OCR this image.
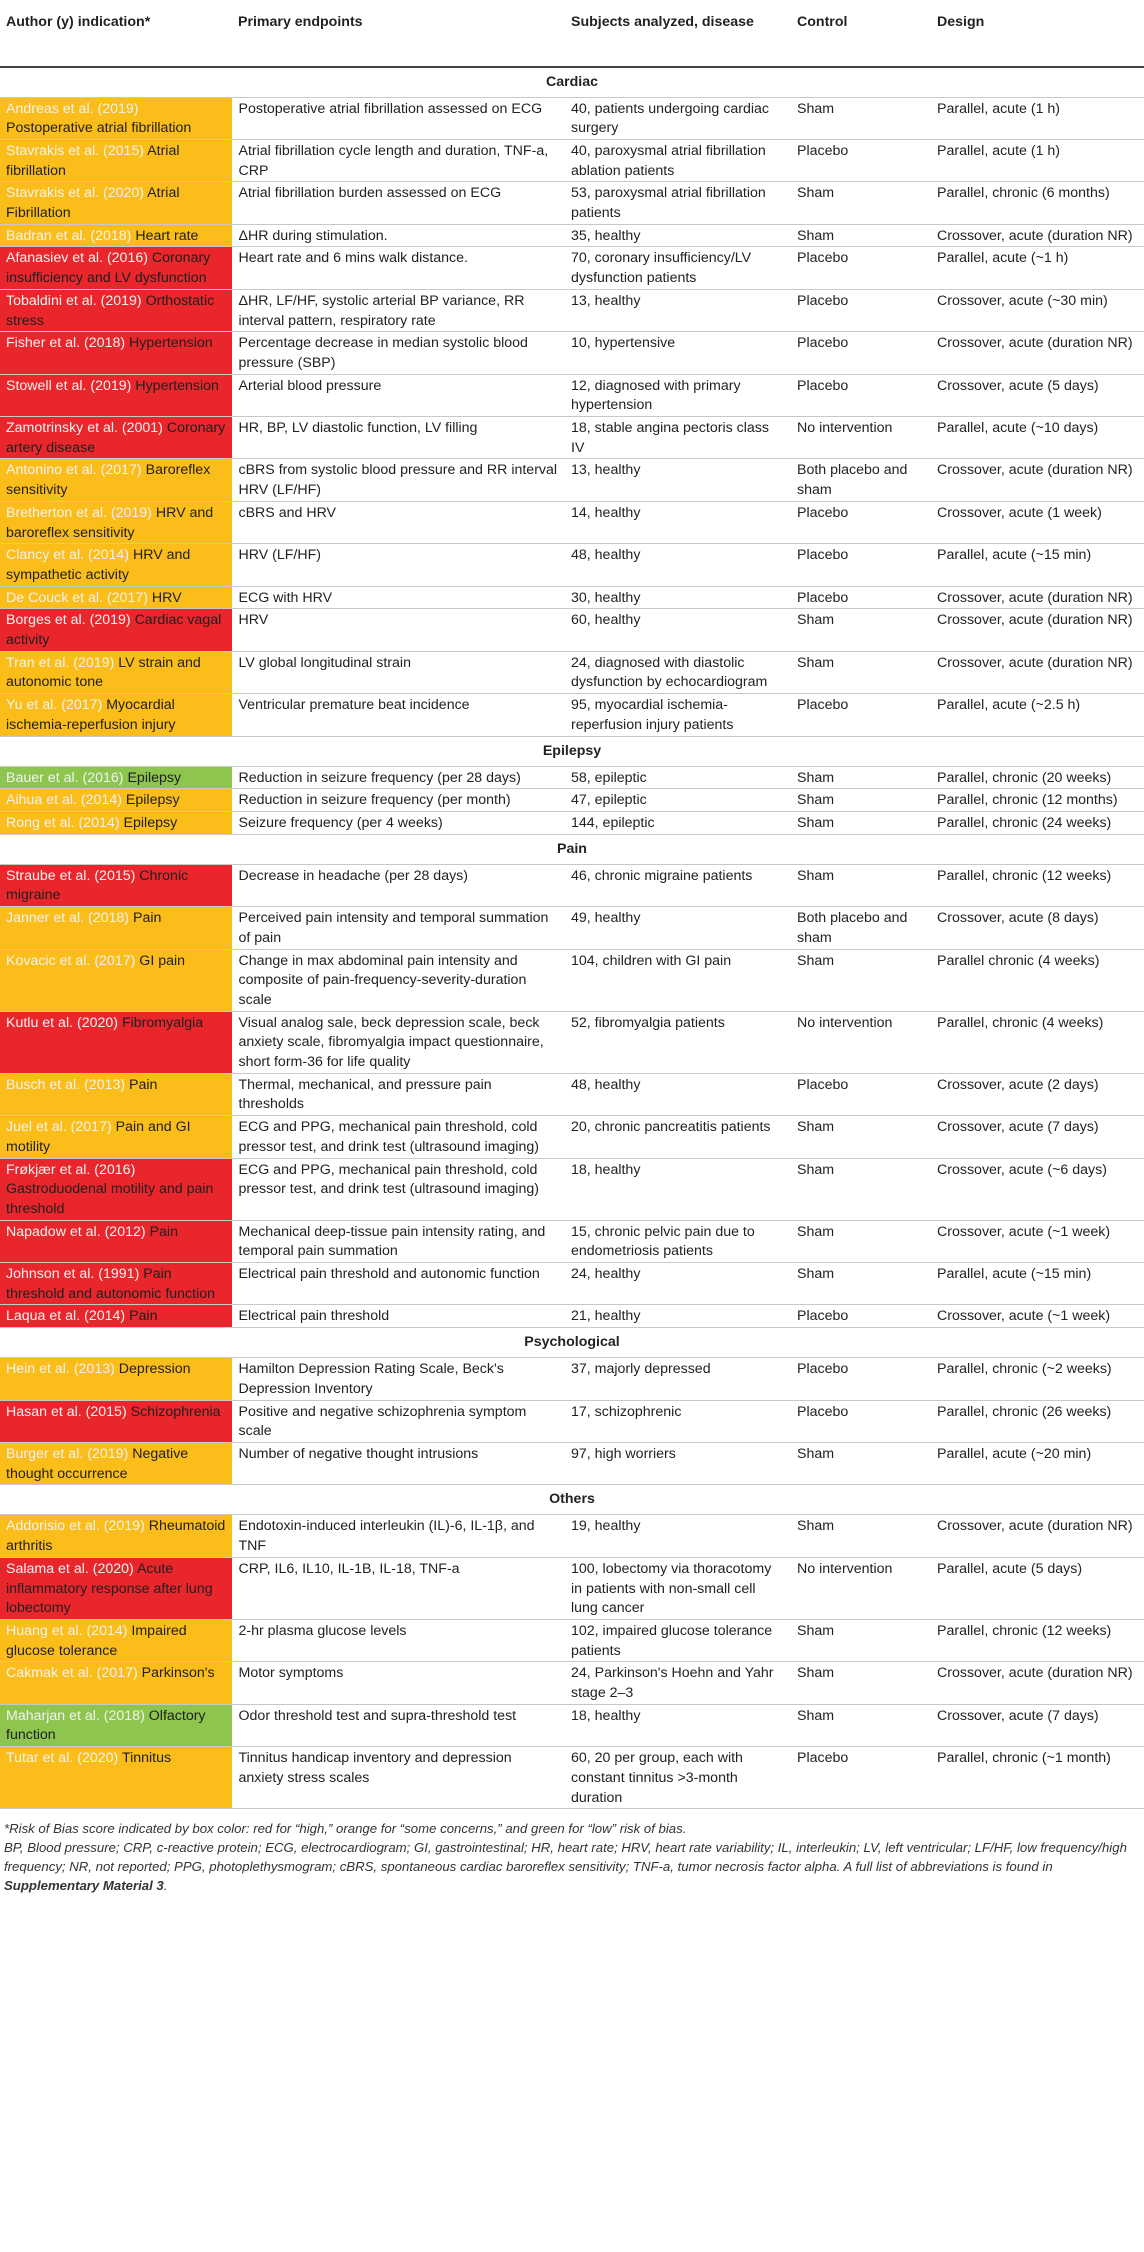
Author (y) indication*	Primary endpoints	Subjects analyzed, disease	Control	Design
Cardiac				
Andreas et al. (2019) Postoperative atrial fibrillation	Postoperative atrial fibrillation assessed on ECG	40, patients undergoing cardiac surgery	Sham	Parallel, acute (1 h)
Stavrakis et al. (2015) Atrial fibrillation	Atrial fibrillation cycle length and duration, TNF-a, CRP	40, paroxysmal atrial fibrillation ablation patients	Placebo	Parallel, acute (1 h)
Stavrakis et al. (2020) Atrial Fibrillation	Atrial fibrillation burden assessed on ECG	53, paroxysmal atrial fibrillation patients	Sham	Parallel, chronic (6 months)
Badran et al. (2018) Heart rate	ΔHR during stimulation.	35, healthy	Sham	Crossover, acute (duration NR)
Afanasiev et al. (2016) Coronary insufficiency and LV dysfunction	Heart rate and 6 mins walk distance.	70, coronary insufficiency/LV dysfunction patients	Placebo	Parallel, acute (~1 h)
Tobaldini et al. (2019) Orthostatic stress	ΔHR, LF/HF, systolic arterial BP variance, RR interval pattern, respiratory rate	13, healthy	Placebo	Crossover, acute (~30 min)
Fisher et al. (2018) Hypertension	Percentage decrease in median systolic blood pressure (SBP)	10, hypertensive	Placebo	Crossover, acute (duration NR)
Stowell et al. (2019) Hypertension	Arterial blood pressure	12, diagnosed with primary hypertension	Placebo	Crossover, acute (5 days)
Zamotrinsky et al. (2001) Coronary artery disease	HR, BP, LV diastolic function, LV filling	18, stable angina pectoris class IV	No intervention	Parallel, acute (~10 days)
Antonino et al. (2017) Baroreflex sensitivity	cBRS from systolic blood pressure and RR interval HRV (LF/HF)	13, healthy	Both placebo and sham	Crossover, acute (duration NR)
Bretherton et al. (2019) HRV and baroreflex sensitivity	cBRS and HRV	14, healthy	Placebo	Crossover, acute (1 week)
Clancy et al. (2014) HRV and sympathetic activity	HRV (LF/HF)	48, healthy	Placebo	Parallel, acute (~15 min)
De Couck et al. (2017) HRV	ECG with HRV	30, healthy	Placebo	Crossover, acute (duration NR)
Borges et al. (2019) Cardiac vagal activity	HRV	60, healthy	Sham	Crossover, acute (duration NR)
Tran et al. (2019) LV strain and autonomic tone	LV global longitudinal strain	24, diagnosed with diastolic dysfunction by echocardiogram	Sham	Crossover, acute (duration NR)
Yu et al. (2017) Myocardial ischemia-reperfusion injury	Ventricular premature beat incidence	95, myocardial ischemia-reperfusion injury patients	Placebo	Parallel, acute (~2.5 h)
Epilepsy				
Bauer et al. (2016) Epilepsy	Reduction in seizure frequency (per 28 days)	58, epileptic	Sham	Parallel, chronic (20 weeks)
Aihua et al. (2014) Epilepsy	Reduction in seizure frequency (per month)	47, epileptic	Sham	Parallel, chronic (12 months)
Rong et al. (2014) Epilepsy	Seizure frequency (per 4 weeks)	144, epileptic	Sham	Parallel, chronic (24 weeks)
Pain				
Straube et al. (2015) Chronic migraine	Decrease in headache (per 28 days)	46, chronic migraine patients	Sham	Parallel, chronic (12 weeks)
Janner et al. (2018) Pain	Perceived pain intensity and temporal summation of pain	49, healthy	Both placebo and sham	Crossover, acute (8 days)
Kovacic et al. (2017) GI pain	Change in max abdominal pain intensity and composite of pain-frequency-severity-duration scale	104, children with GI pain	Sham	Parallel chronic (4 weeks)
Kutlu et al. (2020) Fibromyalgia	Visual analog sale, beck depression scale, beck anxiety scale, fibromyalgia impact questionnaire, short form-36 for life quality	52, fibromyalgia patients	No intervention	Parallel, chronic (4 weeks)
Busch et al. (2013) Pain	Thermal, mechanical, and pressure pain thresholds	48, healthy	Placebo	Crossover, acute (2 days)
Juel et al. (2017) Pain and GI motility	ECG and PPG, mechanical pain threshold, cold pressor test, and drink test (ultrasound imaging)	20, chronic pancreatitis patients	Sham	Crossover, acute (7 days)
Frøkjær et al. (2016) Gastroduodenal motility and pain threshold	ECG and PPG, mechanical pain threshold, cold pressor test, and drink test (ultrasound imaging)	18, healthy	Sham	Crossover, acute (~6 days)
Napadow et al. (2012) Pain	Mechanical deep-tissue pain intensity rating, and temporal pain summation	15, chronic pelvic pain due to endometriosis patients	Sham	Crossover, acute (~1 week)
Johnson et al. (1991) Pain threshold and autonomic function	Electrical pain threshold and autonomic function	24, healthy	Sham	Parallel, acute (~15 min)
Laqua et al. (2014) Pain	Electrical pain threshold	21, healthy	Placebo	Crossover, acute (~1 week)
Psychological				
Hein et al. (2013) Depression	Hamilton Depression Rating Scale, Beck's Depression Inventory	37, majorly depressed	Placebo	Parallel, chronic (~2 weeks)
Hasan et al. (2015) Schizophrenia	Positive and negative schizophrenia symptom scale	17, schizophrenic	Placebo	Parallel, chronic (26 weeks)
Burger et al. (2019) Negative thought occurrence	Number of negative thought intrusions	97, high worriers	Sham	Parallel, acute (~20 min)
Others				
Addorisio et al. (2019) Rheumatoid arthritis	Endotoxin-induced interleukin (IL)-6, IL-1β, and TNF	19, healthy	Sham	Crossover, acute (duration NR)
Salama et al. (2020) Acute inflammatory response after lung lobectomy	CRP, IL6, IL10, IL-1B, IL-18, TNF-a	100, lobectomy via thoracotomy in patients with non-small cell lung cancer	No intervention	Parallel, acute (5 days)
Huang et al. (2014) Impaired glucose tolerance	2-hr plasma glucose levels	102, impaired glucose tolerance patients	Sham	Parallel, chronic (12 weeks)
Cakmak et al. (2017) Parkinson's	Motor symptoms	24, Parkinson's Hoehn and Yahr stage 2–3	Sham	Crossover, acute (duration NR)
Maharjan et al. (2018) Olfactory function	Odor threshold test and supra-threshold test	18, healthy	Sham	Crossover, acute (7 days)
Tutar et al. (2020) Tinnitus	Tinnitus handicap inventory and depression anxiety stress scales	60, 20 per group, each with constant tinnitus >3-month duration	Placebo	Parallel, chronic (~1 month)

*Risk of Bias score indicated by box color: red for “high,” orange for “some concerns,” and green for “low” risk of bias.

BP, Blood pressure; CRP, c-reactive protein; ECG, electrocardiogram; GI, gastrointestinal; HR, heart rate; HRV, heart rate variability; IL, interleukin; LV, left ventricular; LF/HF, low frequency/high frequency; NR, not reported; PPG, photoplethysmogram; cBRS, spontaneous cardiac baroreflex sensitivity; TNF-a, tumor necrosis factor alpha. A full list of abbreviations is found in Supplementary Material 3.
